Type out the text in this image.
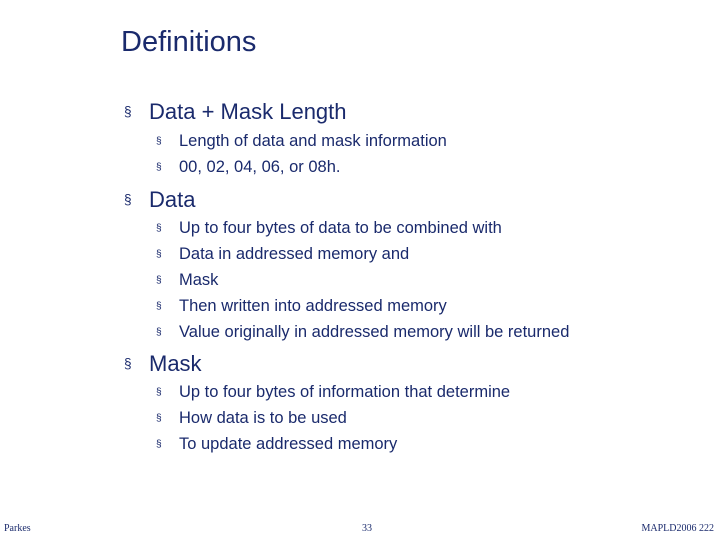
Definitions
§ Data + Mask Length
§ Length of data and mask information
§ 00, 02, 04, 06, or 08h.
§ Data
§ Up to four bytes of data to be combined with
§ Data in addressed memory and
§ Mask
§ Then written into addressed memory
§ Value originally in addressed memory will be returned
§ Mask
§ Up to four bytes of information that determine
§ How data is to be used
§ To update addressed memory
Parkes	33	MAPLD2006 222
